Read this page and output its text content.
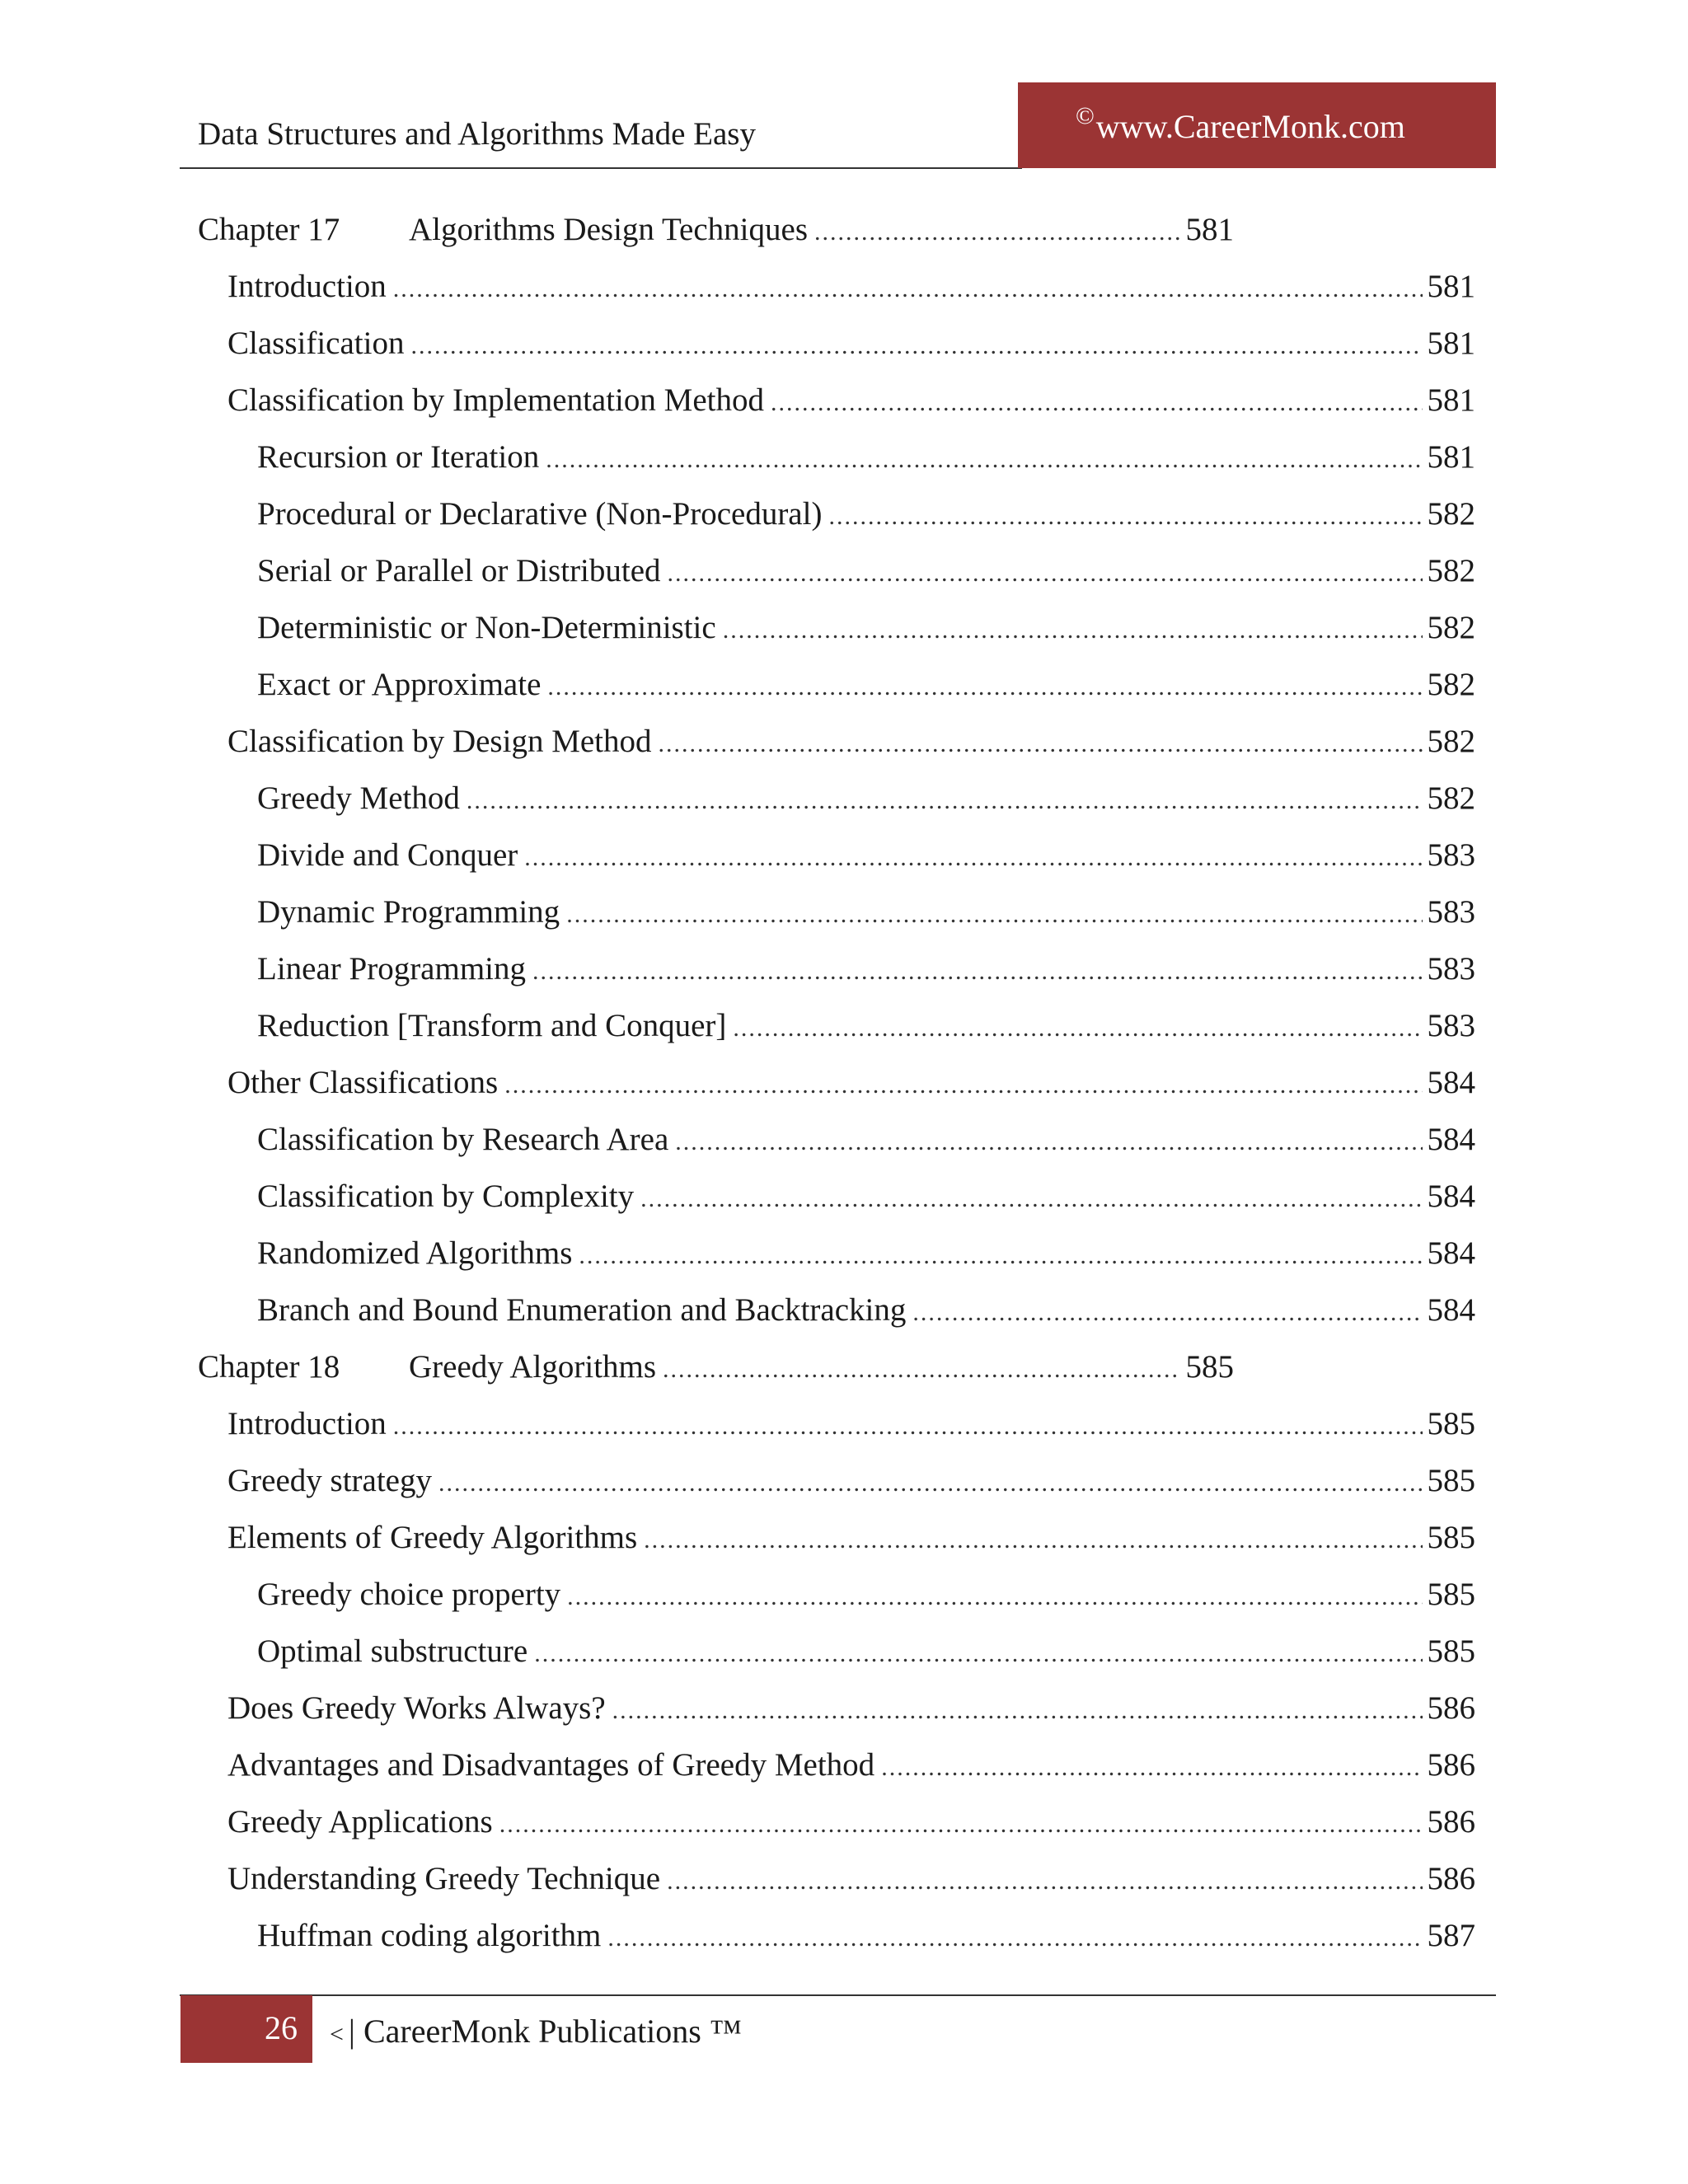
Data Structures and Algorithms Made Easy
©www.CareerMonk.com
Chapter 17	Algorithms Design Techniques .....	581
Introduction .....	581
Classification .....	581
Classification by Implementation Method .....	581
Recursion or Iteration .....	581
Procedural or Declarative (Non-Procedural) .....	582
Serial or Parallel or Distributed .....	582
Deterministic or Non-Deterministic .....	582
Exact or Approximate .....	582
Classification by Design Method .....	582
Greedy Method .....	582
Divide and Conquer .....	583
Dynamic Programming .....	583
Linear Programming .....	583
Reduction [Transform and Conquer] .....	583
Other Classifications .....	584
Classification by Research Area .....	584
Classification by Complexity .....	584
Randomized Algorithms .....	584
Branch and Bound Enumeration and Backtracking .....	584
Chapter 18	Greedy Algorithms .....	585
Introduction .....	585
Greedy strategy .....	585
Elements of Greedy Algorithms .....	585
Greedy choice property .....	585
Optimal substructure .....	585
Does Greedy Works Always? .....	586
Advantages and Disadvantages of Greedy Method .....	586
Greedy Applications .....	586
Understanding Greedy Technique .....	586
Huffman coding algorithm .....	587
26	< | CareerMonk Publications ™
